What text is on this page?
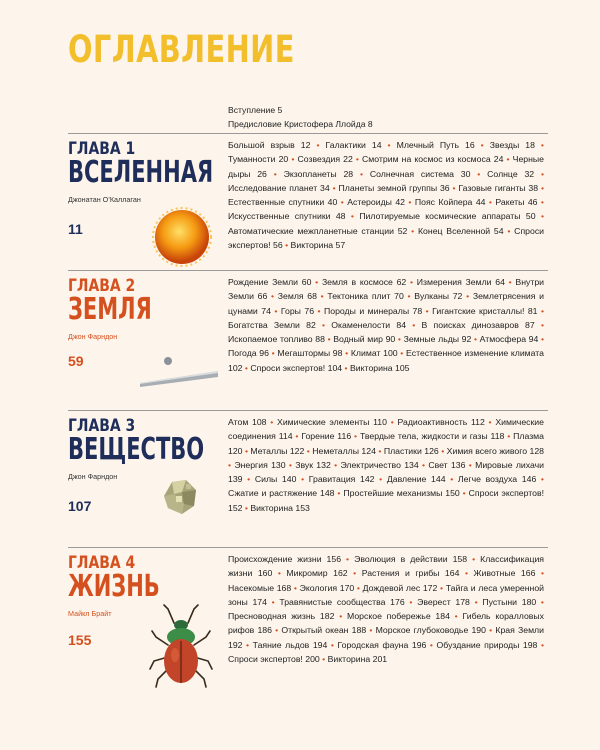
ОГЛАВЛЕНИЕ
Вступление 5
Предисловие Кристофера Ллойда 8
ГЛАВА 1
ВСЕЛЕННАЯ
Джонатан О’Каллаган
11
Большой взрыв 12 • Галактики 14 • Млечный Путь 16 • Звезды 18 • Туманности 20 • Созвездия 22 • Смотрим на космос из космоса 24 • Черные дыры 26 • Экзопланеты 28 • Солнечная система 30 • Солнце 32 • Исследование планет 34 • Планеты земной группы 36 • Газовые гиганты 38 • Естественные спутники 40 • Астероиды 42 • Пояс Койпера 44 • Ракеты 46 • Искусственные спутники 48 • Пилотируемые космические аппараты 50 • Автоматические межпланетные станции 52 • Конец Вселенной 54 • Спроси экспертов! 56 • Викторина 57
ГЛАВА 2
ЗЕМЛЯ
Джон Фарндон
59
Рождение Земли 60 • Земля в космосе 62 • Измерения Земли 64 • Внутри Земли 66 • Земля 68 • Тектоника плит 70 • Вулканы 72 • Землетрясения и цунами 74 • Горы 76 • Породы и минералы 78 • Гигантские кристаллы! 81 • Богатства Земли 82 • Окаменелости 84 • В поисках динозавров 87 • Ископаемое топливо 88 • Водный мир 90 • Земные льды 92 • Атмосфера 94 • Погода 96 • Мегаштормы 98 • Климат 100 • Естественное изменение климата 102 • Спроси экспертов! 104 • Викторина 105
ГЛАВА 3
ВЕЩЕСТВО
Джон Фарндон
107
Атом 108 • Химические элементы 110 • Радиоактивность 112 • Химические соединения 114 • Горение 116 • Твердые тела, жидкости и газы 118 • Плазма 120 • Металлы 122 • Неметаллы 124 • Пластики 126 • Химия всего живого 128 • Энергия 130 • Звук 132 • Электричество 134 • Свет 136 • Мировые лихачи 139 • Силы 140 • Гравитация 142 • Давление 144 • Легче воздуха 146 • Сжатие и растяжение 148 • Простейшие механизмы 150 • Спроси экспертов! 152 • Викторина 153
ГЛАВА 4
ЖИЗНЬ
Майкл Брайт
155
Происхождение жизни 156 • Эволюция в действии 158 • Классификация жизни 160 • Микромир 162 • Растения и грибы 164 • Животные 166 • Насекомые 168 • Экология 170 • Дождевой лес 172 • Тайга и леса умеренной зоны 174 • Травянистые сообщества 176 • Эверест 178 • Пустыни 180 • Пресноводная жизнь 182 • Морское побережье 184 • Гибель коралловых рифов 186 • Открытый океан 188 • Морское глубоководье 190 • Края Земли 192 • Таяние льдов 194 • Городская фауна 196 • Обуздание природы 198 • Спроси экспертов! 200 • Викторина 201
